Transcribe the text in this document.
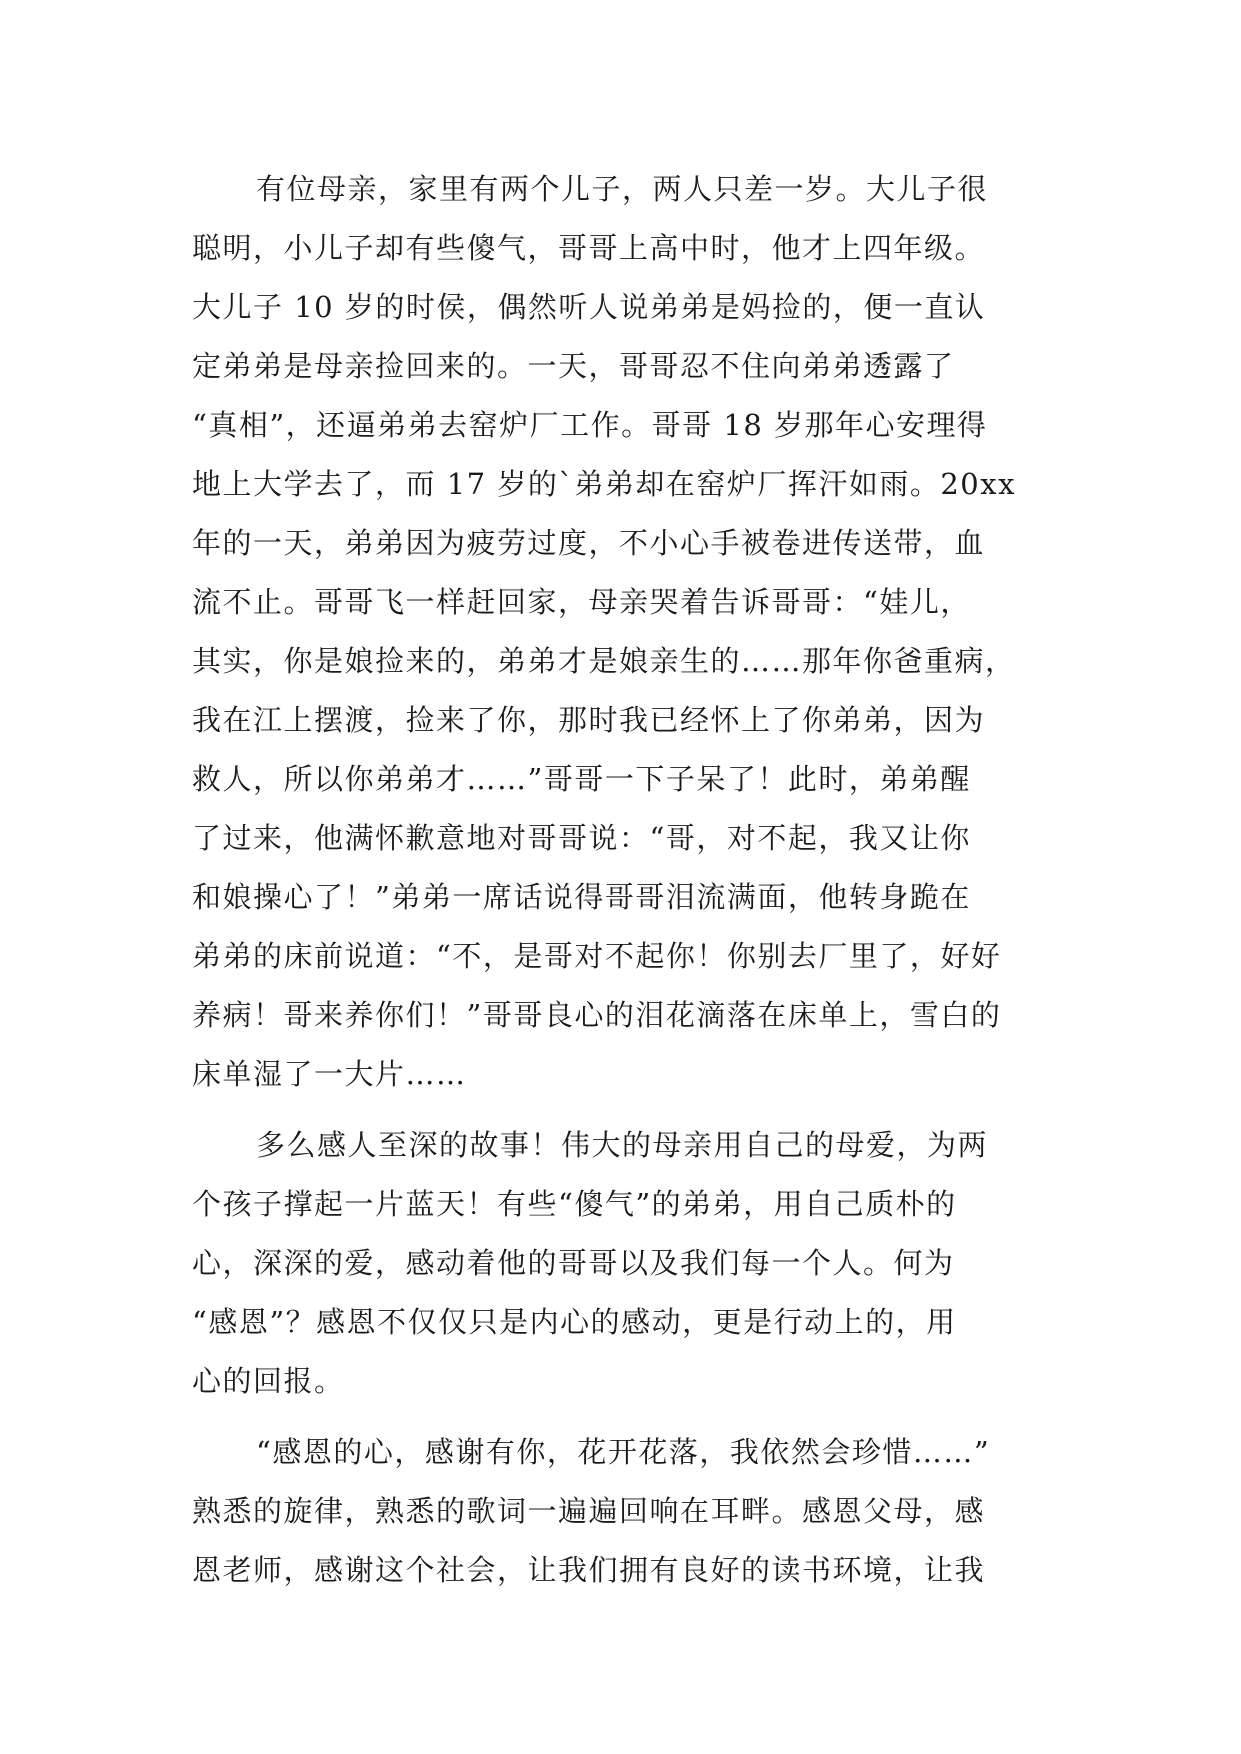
有位母亲，家里有两个儿子，两人只差一岁。大儿子很
聪明，小儿子却有些傻气，哥哥上高中时，他才上四年级。
大儿子 10 岁的时侯，偶然听人说弟弟是妈捡的，便一直认
定弟弟是母亲捡回来的。一天，哥哥忍不住向弟弟透露了
“真相”，还逼弟弟去窑炉厂工作。哥哥 18 岁那年心安理得
地上大学去了，而 17 岁的`弟弟却在窑炉厂挥汗如雨。20xx
年的一天，弟弟因为疲劳过度，不小心手被卷进传送带，血
流不止。哥哥飞一样赶回家，母亲哭着告诉哥哥：“娃儿，
其实，你是娘捡来的，弟弟才是娘亲生的……那年你爸重病，
我在江上摆渡，捡来了你，那时我已经怀上了你弟弟，因为
救人，所以你弟弟才……”哥哥一下子呆了！此时，弟弟醒
了过来，他满怀歉意地对哥哥说：“哥，对不起，我又让你
和娘操心了！”弟弟一席话说得哥哥泪流满面，他转身跪在
弟弟的床前说道：“不，是哥对不起你！你别去厂里了，好好
养病！哥来养你们！”哥哥良心的泪花滴落在床单上，雪白的
床单湿了一大片……
多么感人至深的故事！伟大的母亲用自己的母爱，为两
个孩子撑起一片蓝天！有些“傻气”的弟弟，用自己质朴的
心，深深的爱，感动着他的哥哥以及我们每一个人。何为
“感恩”？感恩不仅仅只是内心的感动，更是行动上的，用
心的回报。
“感恩的心，感谢有你，花开花落，我依然会珍惜……”
熟悉的旋律，熟悉的歌词一遍遍回响在耳畔。感恩父母，感
恩老师，感谢这个社会，让我们拥有良好的读书环境，让我
